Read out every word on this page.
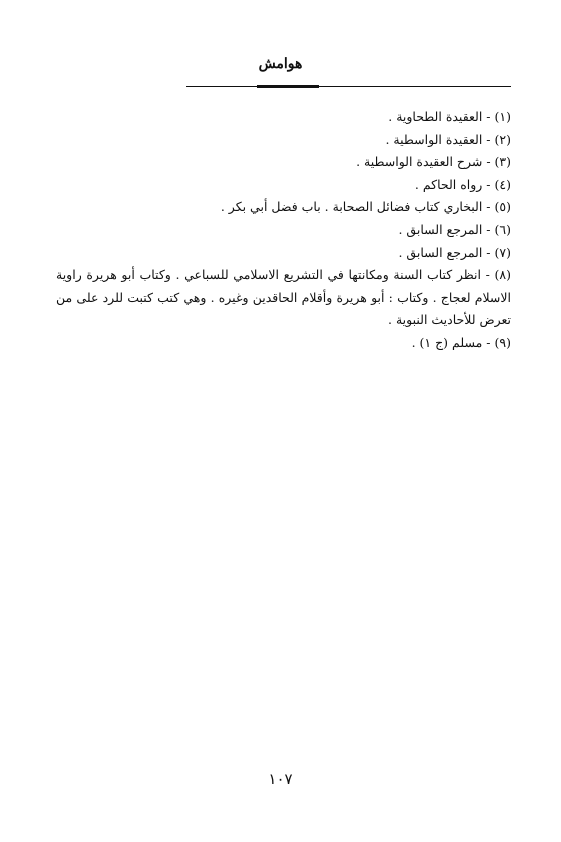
هوامش

(١) - العقيدة الطحاوية .

(٢) - العقيدة الواسطية .

(٣) - شرح العقيدة الواسطية .

(٤) - رواه الحاكم .

(٥) - البخاري كتاب فضائل الصحابة . باب فضل أبي بكر .

(٦) - المرجع السابق .

(٧) - المرجع السابق .

(٨) - انظر كتاب السنة ومكانتها في التشريع الاسلامي للسباعي . وكتاب أبو هريرة راوية الاسلام لعجاج . وكتاب : أبو هريرة وأقلام الحاقدين وغيره . وهي كتب كتبت للرد على من تعرض للأحاديث النبوية .

(٩) - مسلم (ج ١) .

١٠٧
